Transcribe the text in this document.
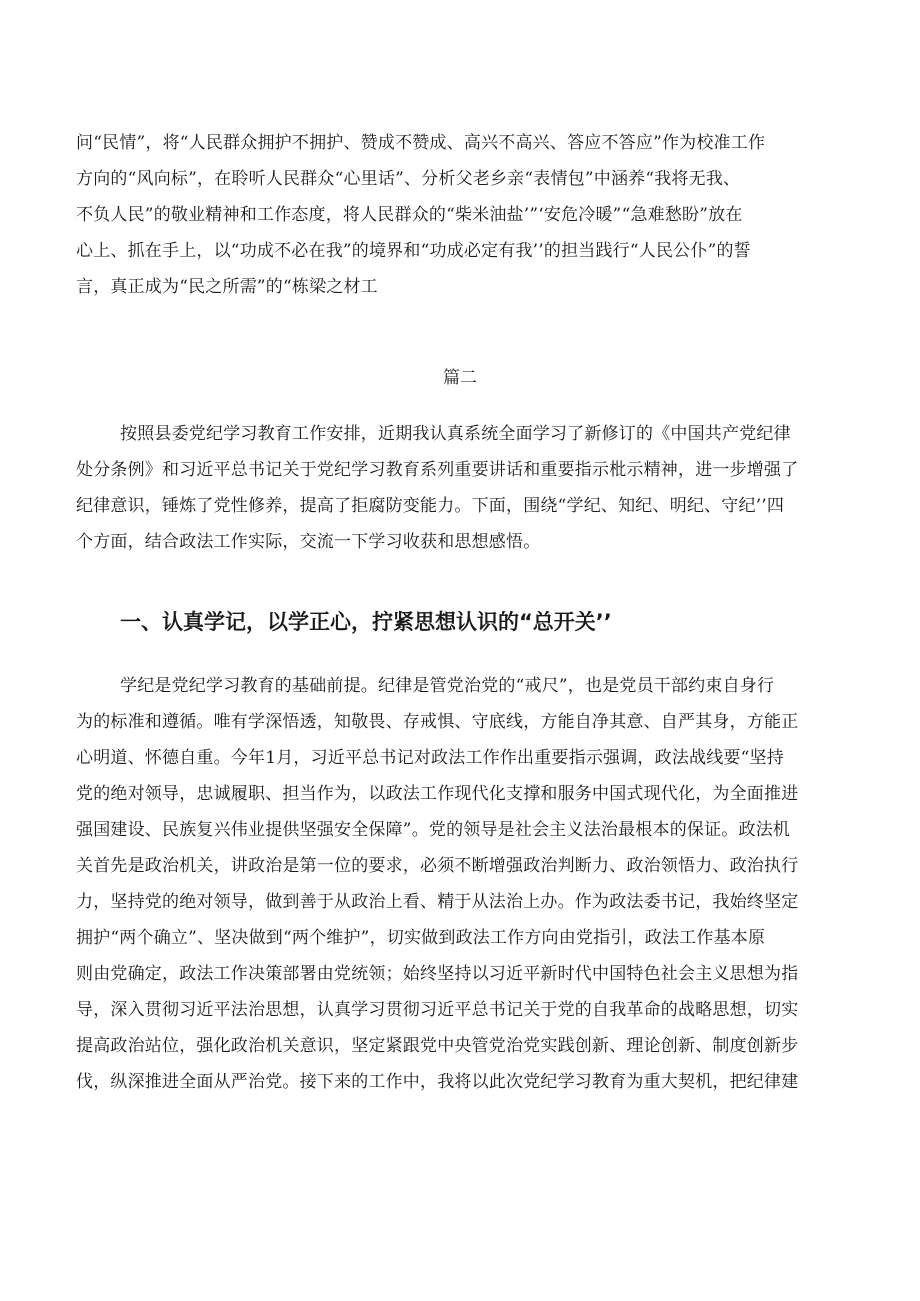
问“民情”，将“人民群众拥护不拥护、赞成不赞成、高兴不高兴、答应不答应”作为校准工作
方向的“风向标”，在聆听人民群众“心里话”、分析父老乡亲“表情包”中涵养“我将无我、
不负人民”的敬业精神和工作态度，将人民群众的“柴米油盐’”‘安危冷暖”“急难愁盼”放在
心上、抓在手上，以“功成不必在我”的境界和“功成必定有我’’的担当践行“人民公仆”的誓
言，真正成为“民之所需”的“栋梁之材工
篇二
按照县委党纪学习教育工作安排，近期我认真系统全面学习了新修订的《中国共产党纪律
处分条例》和习近平总书记关于党纪学习教育系列重要讲话和重要指示枇示精神，进一步增强了
纪律意识，锤炼了党性修养，提高了拒腐防变能力。下面，围绕“学纪、知纪、明纪、守纪’’四
个方面，结合政法工作实际，交流一下学习收获和思想感悟。
一、认真学记，以学正心，拧紧思想认识的“总开关’’
学纪是党纪学习教育的基础前提。纪律是管党治党的“戒尺”，也是党员干部约束自身行
为的标准和遵循。唯有学深悟透，知敬畏、存戒惧、守底线，方能自净其意、自严其身，方能正
心明道、怀德自重。今年1月，习近平总书记对政法工作作出重要指示强调，政法战线要“坚持
党的绝对领导，忠诚履职、担当作为，以政法工作现代化支撑和服务中国式现代化，为全面推进
强国建设、民族复兴伟业提供坚强安全保障”。党的领导是社会主义法治最根本的保证。政法机
关首先是政治机关，讲政治是第一位的要求，必须不断增强政治判断力、政治领悟力、政治执行
力，坚持党的绝对领导，做到善于从政治上看、精于从法治上办。作为政法委书记，我始终坚定
拥护“两个确立”、坚决做到“两个维护”，切实做到政法工作方向由党指引，政法工作基本原
则由党确定，政法工作决策部署由党统领；始终坚持以习近平新时代中国特色社会主义思想为指
导，深入贯彻习近平法治思想，认真学习贯彻习近平总书记关于党的自我革命的战略思想，切实
提高政治站位，强化政治机关意识，坚定紧跟党中央管党治党实践创新、理论创新、制度创新步
伐，纵深推进全面从严治党。接下来的工作中，我将以此次党纪学习教育为重大契机，把纪律建
